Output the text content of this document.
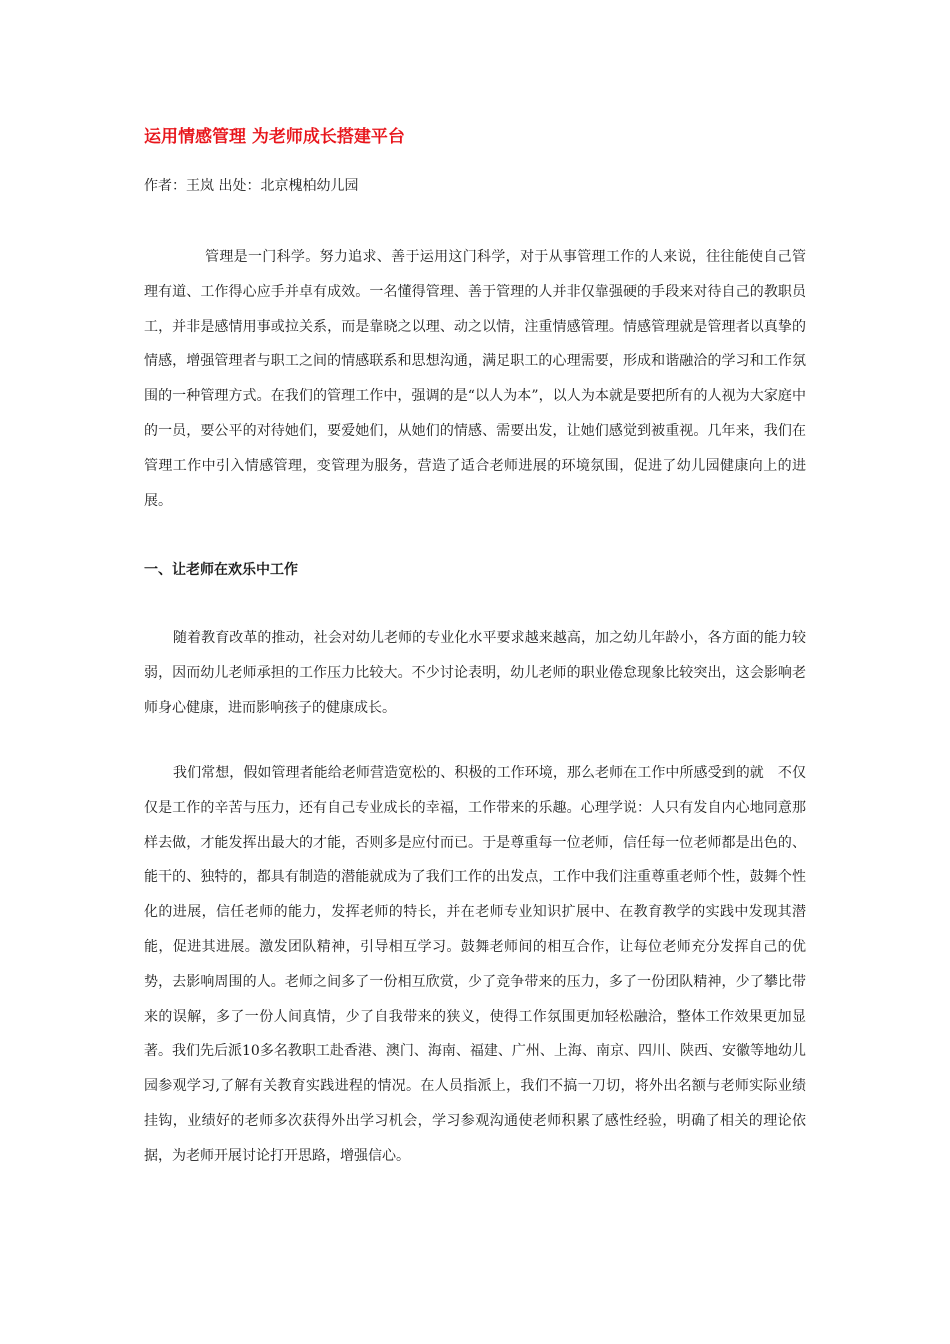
运用情感管理 为老师成长搭建平台

作者：王岚 出处：北京槐柏幼儿园

管理是一门科学。努力追求、善于运用这门科学，对于从事管理工作的人来说，往往能使自己管理有道、工作得心应手并卓有成效。一名懂得管理、善于管理的人并非仅靠强硬的手段来对待自己的教职员工，并非是感情用事或拉关系，而是靠晓之以理、动之以情，注重情感管理。情感管理就是管理者以真挚的情感，增强管理者与职工之间的情感联系和思想沟通，满足职工的心理需要，形成和谐融洽的学习和工作氛围的一种管理方式。在我们的管理工作中，强调的是“以人为本”，以人为本就是要把所有的人视为大家庭中的一员，要公平的对待她们，要爱她们，从她们的情感、需要出发，让她们感觉到被重视。几年来，我们在管理工作中引入情感管理，变管理为服务，营造了适合老师进展的环境氛围，促进了幼儿园健康向上的进展。

一、让老师在欢乐中工作

随着教育改革的推动，社会对幼儿老师的专业化水平要求越来越高，加之幼儿年龄小，各方面的能力较弱，因而幼儿老师承担的工作压力比较大。不少讨论表明，幼儿老师的职业倦怠现象比较突出，这会影响老师身心健康，进而影响孩子的健康成长。

我们常想，假如管理者能给老师营造宽松的、积极的工作环境，那么老师在工作中所感受到的就　不仅仅是工作的辛苦与压力，还有自己专业成长的幸福，工作带来的乐趣。心理学说：人只有发自内心地同意那样去做，才能发挥出最大的才能，否则多是应付而已。于是尊重每一位老师，信任每一位老师都是出色的、能干的、独特的，都具有制造的潜能就成为了我们工作的出发点，工作中我们注重尊重老师个性，鼓舞个性化的进展，信任老师的能力，发挥老师的特长，并在老师专业知识扩展中、在教育教学的实践中发现其潜能，促进其进展。激发团队精神，引导相互学习。鼓舞老师间的相互合作，让每位老师充分发挥自己的优势，去影响周围的人。老师之间多了一份相互欣赏，少了竞争带来的压力，多了一份团队精神，少了攀比带来的误解，多了一份人间真情，少了自我带来的狭义，使得工作氛围更加轻松融洽，整体工作效果更加显著。我们先后派10多名教职工赴香港、澳门、海南、福建、广州、上海、南京、四川、陕西、安徽等地幼儿园参观学习,了解有关教育实践进程的情况。在人员指派上，我们不搞一刀切，将外出名额与老师实际业绩挂钩，业绩好的老师多次获得外出学习机会，学习参观沟通使老师积累了感性经验，明确了相关的理论依据，为老师开展讨论打开思路，增强信心。
